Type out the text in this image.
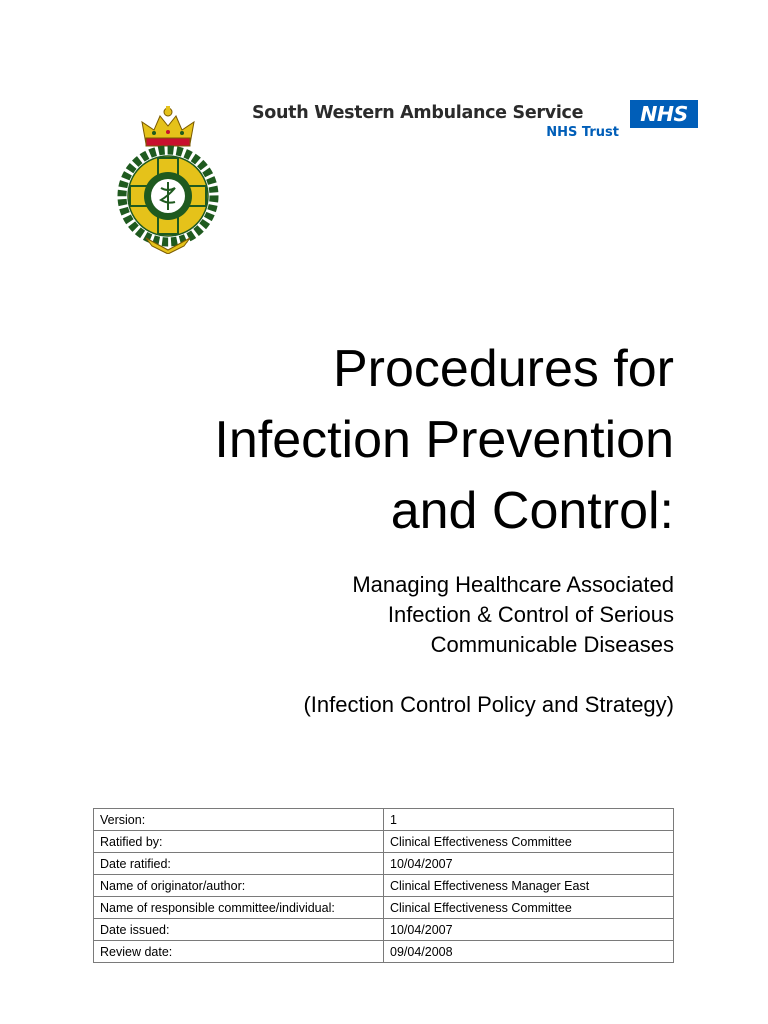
South Western Ambulance Service
NHS Trust
NHS
Procedures for
Infection Prevention
and Control:
Managing Healthcare Associated
Infection & Control of Serious
Communicable Diseases
(Infection Control Policy and Strategy)
Version:	1
Ratified by:	Clinical Effectiveness Committee
Date ratified:	10/04/2007
Name of originator/author:	Clinical Effectiveness Manager East
Name of responsible committee/individual:	Clinical Effectiveness Committee
Date issued:	10/04/2007
Review date:	09/04/2008
